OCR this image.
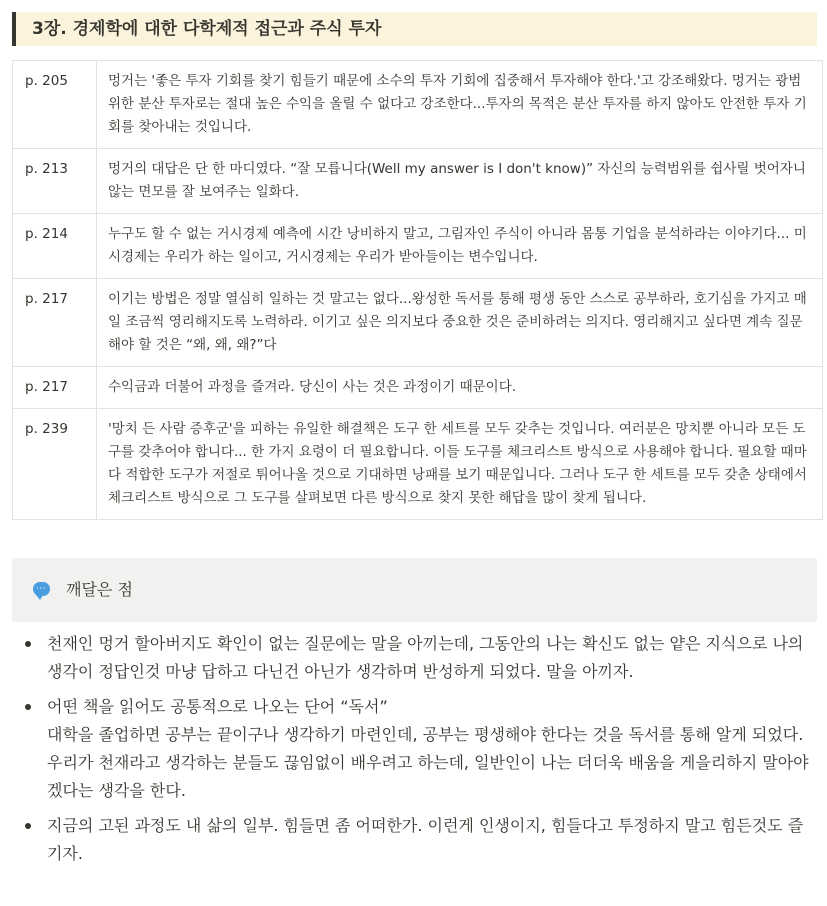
3장. 경제학에 대한 다학제적 접근과 주식 투자
p. 205	멍거는 '좋은 투자 기회를 찾기 힘들기 때문에 소수의 투자 기회에 집중해서 투자해야 한다.'고 강조해왔다. 멍거는 광범위한 분산 투자로는 절대 높은 수익을 올릴 수 없다고 강조한다...투자의 목적은 분산 투자를 하지 않아도 안전한 투자 기회를 찾아내는 것입니다.
p. 213	멍거의 대답은 단 한 마디였다. “잘 모릅니다(Well my answer is I don't know)” 자신의 능력범위를 쉽사릴 벗어자니 않는 면모를 잘 보여주는 일화다.
p. 214	누구도 할 수 없는 거시경제 예측에 시간 낭비하지 말고, 그림자인 주식이 아니라 몸통 기업을 분석하라는 이야기다... 미시경제는 우리가 하는 일이고, 거시경제는 우리가 받아들이는 변수입니다.
p. 217	이기는 방법은 정말 열심히 일하는 것 말고는 없다...왕성한 독서를 통해 평생 동안 스스로 공부하라, 호기심을 가지고 매일 조금씩 영리해지도록 노력하라. 이기고 싶은 의지보다 중요한 것은 준비하려는 의지다. 영리해지고 싶다면 계속 질문해야 할 것은 “왜, 왜, 왜?”다
p. 217	수익금과 더불어 과정을 즐겨라. 당신이 사는 것은 과정이기 때문이다.
p. 239	'망치 든 사람 증후군'을 피하는 유일한 해결책은 도구 한 세트를 모두 갖추는 것입니다. 여러분은 망치뿐 아니라 모든 도구를 갖추어야 합니다... 한 가지 요령이 더 필요합니다. 이들 도구를 체크리스트 방식으로 사용해야 합니다. 필요할 때마다 적합한 도구가 저절로 튀어나올 것으로 기대하면 낭패를 보기 때문입니다. 그러나 도구 한 세트를 모두 갖춘 상태에서 체크리스트 방식으로 그 도구를 살펴보면 다른 방식으로 찾지 못한 해답을 많이 찾게 됩니다.
··· 깨달은 점
천재인 멍거 할아버지도 확인이 없는 질문에는 말을 아끼는데, 그동안의 나는 확신도 없는 얕은 지식으로 나의 생각이 정답인것 마냥 답하고 다닌건 아닌가 생각하며 반성하게 되었다. 말을 아끼자.
어떤 책을 읽어도 공통적으로 나오는 단어 “독서”
대학을 졸업하면 공부는 끝이구나 생각하기 마련인데, 공부는 평생해야 한다는 것을 독서를 통해 알게 되었다. 우리가 천재라고 생각하는 분들도 끊임없이 배우려고 하는데, 일반인이 나는 더더욱 배움을 게을리하지 말아야겠다는 생각을 한다.
지금의 고된 과정도 내 삶의 일부. 힘들면 좀 어떠한가. 이런게 인생이지, 힘들다고 투정하지 말고 힘든것도 즐기자.
